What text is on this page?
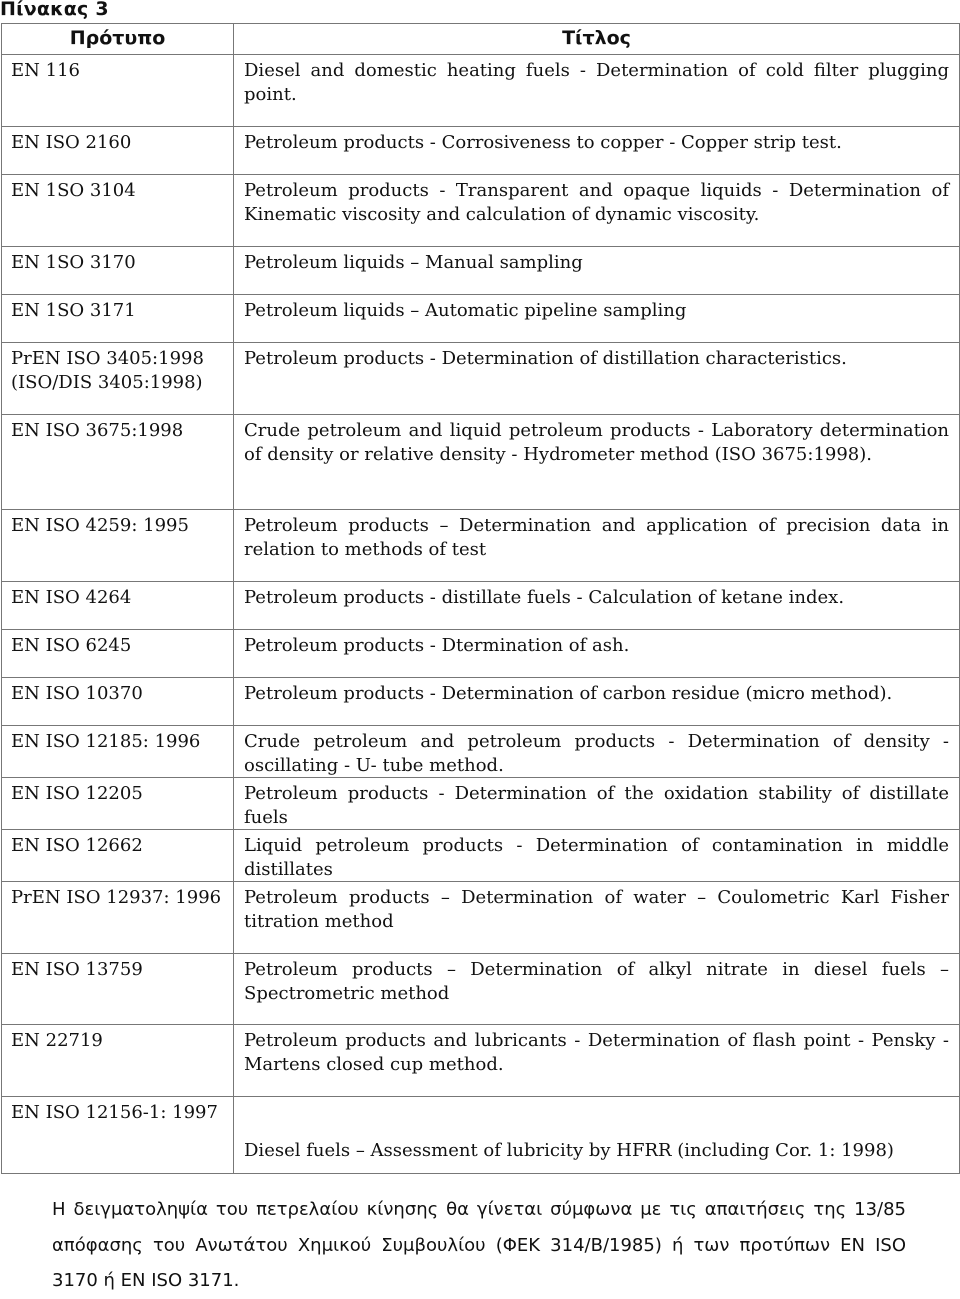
Πίνακας 3
Πρότυπο	Τίτλος
EN 116	Diesel and domestic heating fuels - Determination of cold filter plugging point.
EN ISO 2160	Petroleum products - Corrosiveness to copper - Copper strip test.
EN 1SO 3104	Petroleum products - Transparent and opaque liquids - Determination of Kinematic viscosity and calculation of dynamic viscosity.
EN 1SO 3170	Petroleum liquids – Manual sampling
EN 1SO 3171	Petroleum liquids – Automatic pipeline sampling
PrEN ISO 3405:1998 (ISO/DIS 3405:1998)	Petroleum products - Determination of distillation characteristics.
EN ISO 3675:1998	Crude petroleum and liquid petroleum products - Laboratory determination of density or relative density - Hydrometer method (ISO 3675:1998).
EN ISO 4259: 1995	Petroleum products – Determination and application of precision data in relation to methods of test
EN ISO 4264	Petroleum products - distillate fuels - Calculation of ketane index.
EN ISO 6245	Petroleum products - Dtermination of ash.
EN ISO 10370	Petroleum products - Determination of carbon residue (micro method).
EN ISO 12185: 1996	Crude petroleum and petroleum products - Determination of density - oscillating - U- tube method.
EN ISO 12205	Petroleum products - Determination of the oxidation stability of distillate fuels
EN ISO 12662	Liquid petroleum products - Determination of contamination in middle distillates
PrEN ISO 12937: 1996	Petroleum products – Determination of water – Coulometric Karl Fisher titration method
EN ISO 13759	Petroleum products – Determination of alkyl nitrate in diesel fuels – Spectrometric method
EN 22719	Petroleum products and lubricants - Determination of flash point - Pensky - Martens closed cup method.
EN ISO 12156-1: 1997	Diesel fuels – Assessment of lubricity by HFRR (including Cor. 1: 1998)
Η δειγματοληψία του πετρελαίου κίνησης θα γίνεται σύμφωνα με τις απαιτήσεις της 13/85 απόφασης του Ανωτάτου Χημικού Συμβουλίου (ΦΕΚ 314/Β/1985) ή των προτύπων EN ISO 3170 ή EN ISO 3171.
